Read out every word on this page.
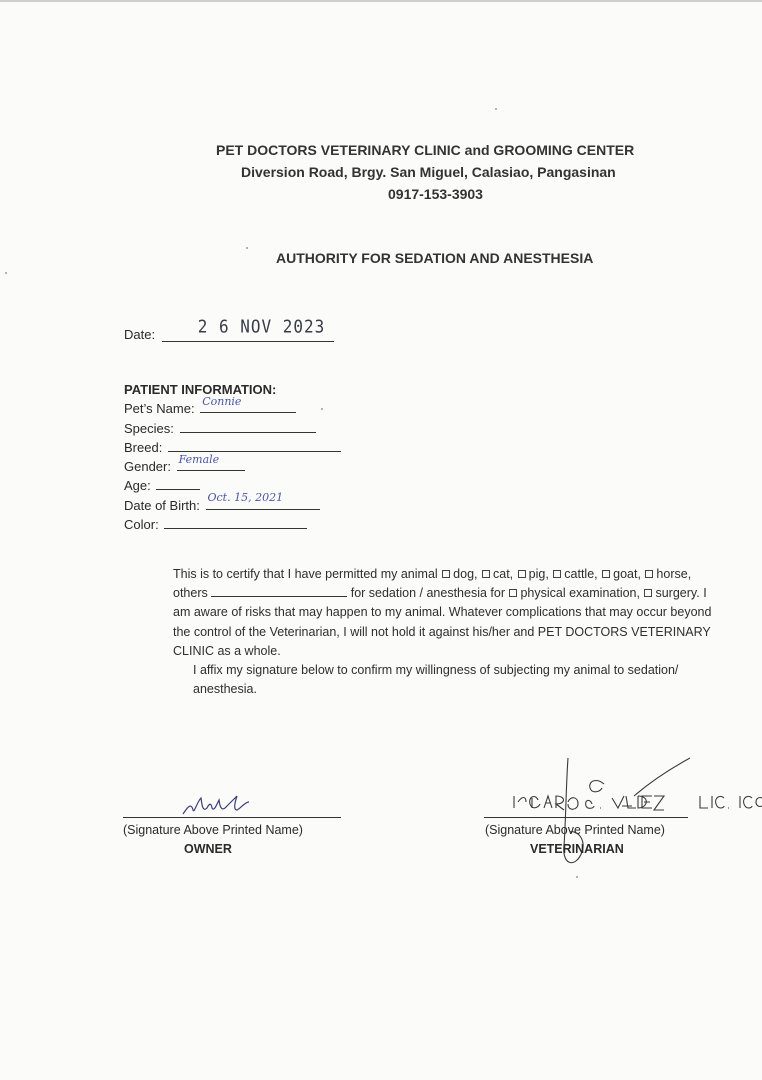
PET DOCTORS VETERINARY CLINIC and GROOMING CENTER
Diversion Road, Brgy. San Miguel, Calasiao, Pangasinan
0917-153-3903
AUTHORITY FOR SEDATION AND ANESTHESIA
Date:	2 6 NOV 2023
PATIENT INFORMATION:
Pet’s Name: Connie
Species:
Breed:
Gender: Female
Age:
Date of Birth: Oct. 15, 2021
Color:

This is to certify that I have permitted my animal dog, cat, pig, cattle, goat, horse, others	for sedation / anesthesia for physical examination, surgery. I am aware of risks that may happen to my animal. Whatever complications that may occur beyond the control of the Veterinarian, I will not hold it against his/her and PET DOCTORS VETERINARY CLINIC as a whole.

I affix my signature below to confirm my willingness of subjecting my animal to sedation/ anesthesia.

(Signature Above Printed Name)
OWNER
(Signature Above Printed Name)
VETERINARIAN
